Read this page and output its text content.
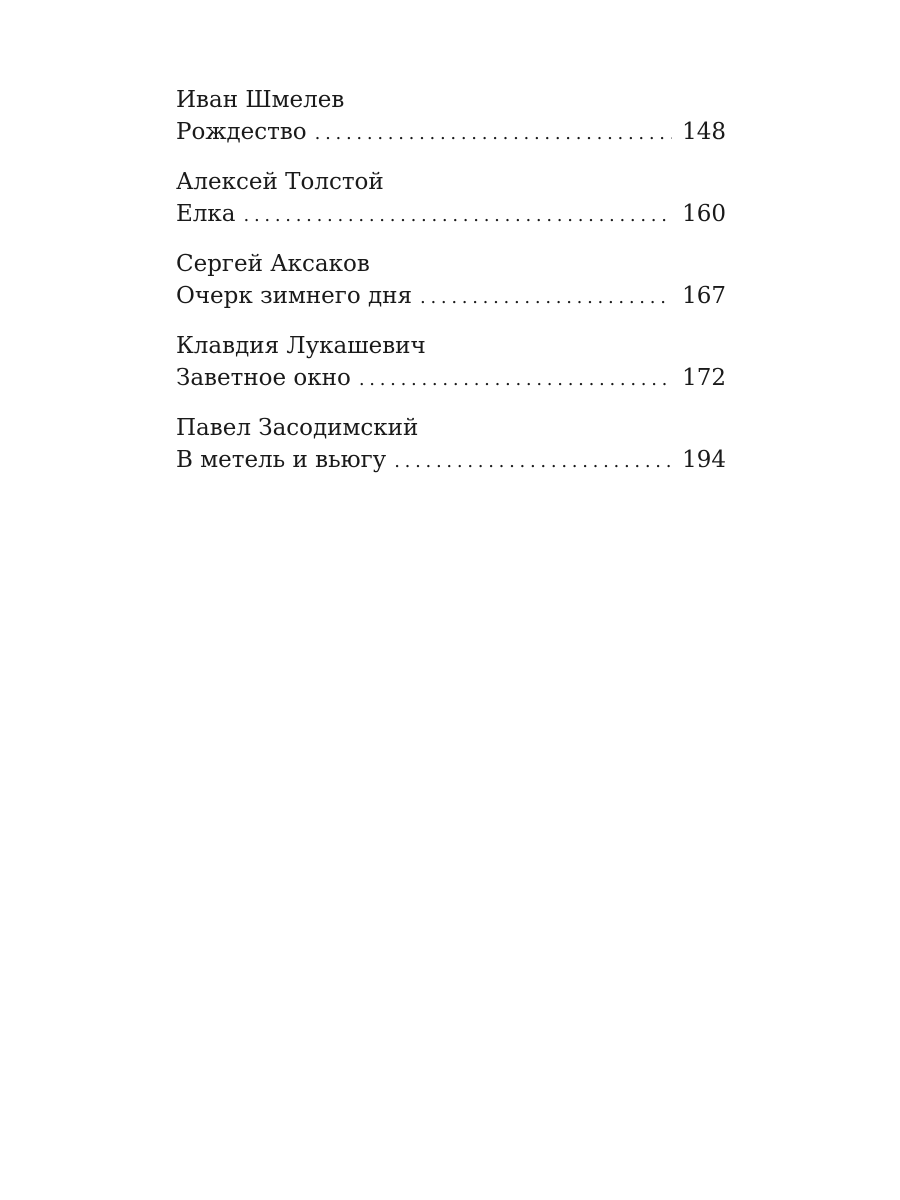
Иван Шмелев
Рождество . . .	148
Алексей Толстой
Елка . . .	160
Сергей Аксаков
Очерк зимнего дня . . .	167
Клавдия Лукашевич
Заветное окно . . .	172
Павел Засодимский
В метель и вьюгу . . .	194
